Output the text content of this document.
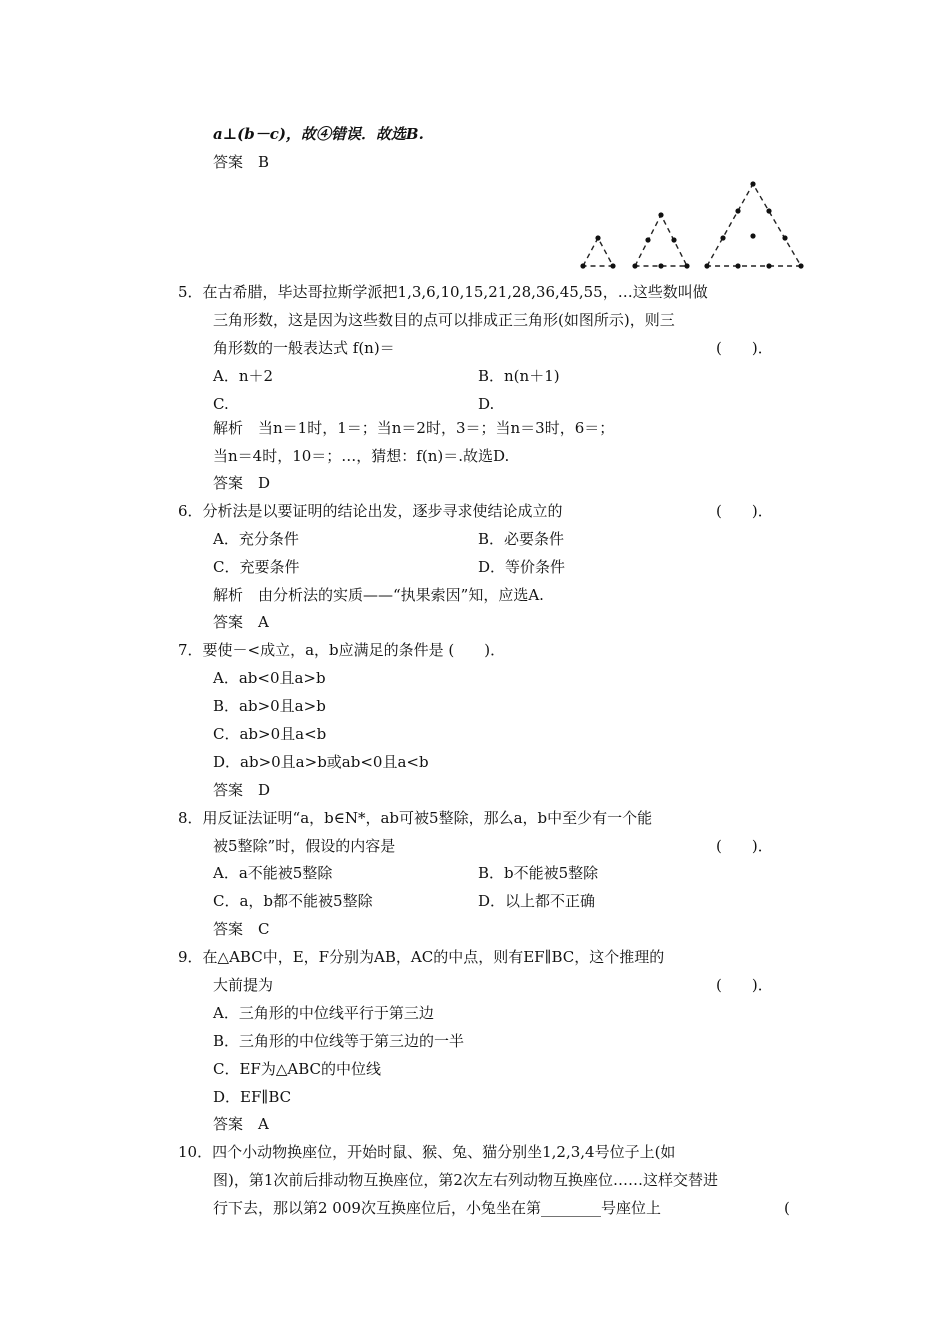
a⊥(b－c)，故④错误．故选B.
答案　B
5．在古希腊，毕达哥拉斯学派把1,3,6,10,15,21,28,36,45,55，…这些数叫做
三角形数，这是因为这些数目的点可以排成正三角形(如图所示)，则三
角形数的一般表达式 f(n)＝	(　　)．
A．n＋2	B．n(n＋1)
C.	D.
解析　当n＝1时，1＝；当n＝2时，3＝；当n＝3时，6＝；
当n＝4时，10＝；…，猜想：f(n)＝.故选D.
答案　D
6．分析法是以要证明的结论出发，逐步寻求使结论成立的	(　　)．
A．充分条件	B．必要条件
C．充要条件	D．等价条件
解析　由分析法的实质——“执果索因”知，应选A.
答案　A
7．要使－<成立，a，b应满足的条件是 (　　)．
A．ab<0且a>b
B．ab>0且a>b
C．ab>0且a<b
D．ab>0且a>b或ab<0且a<b
答案　D
8．用反证法证明“a，b∈N*，ab可被5整除，那么a，b中至少有一个能
被5整除”时，假设的内容是	(　　)．
A．a不能被5整除	B．b不能被5整除
C．a，b都不能被5整除	D．以上都不正确
答案　C
9．在△ABC中，E，F分别为AB，AC的中点，则有EF∥BC，这个推理的
大前提为	(　　)．
A．三角形的中位线平行于第三边
B．三角形的中位线等于第三边的一半
C．EF为△ABC的中位线
D．EF∥BC
答案　A
10．四个小动物换座位，开始时鼠、猴、兔、猫分别坐1,2,3,4号位子上(如
图)，第1次前后排动物互换座位，第2次左右列动物互换座位……这样交替进
行下去，那以第2 009次互换座位后，小兔坐在第________号座位上	(
